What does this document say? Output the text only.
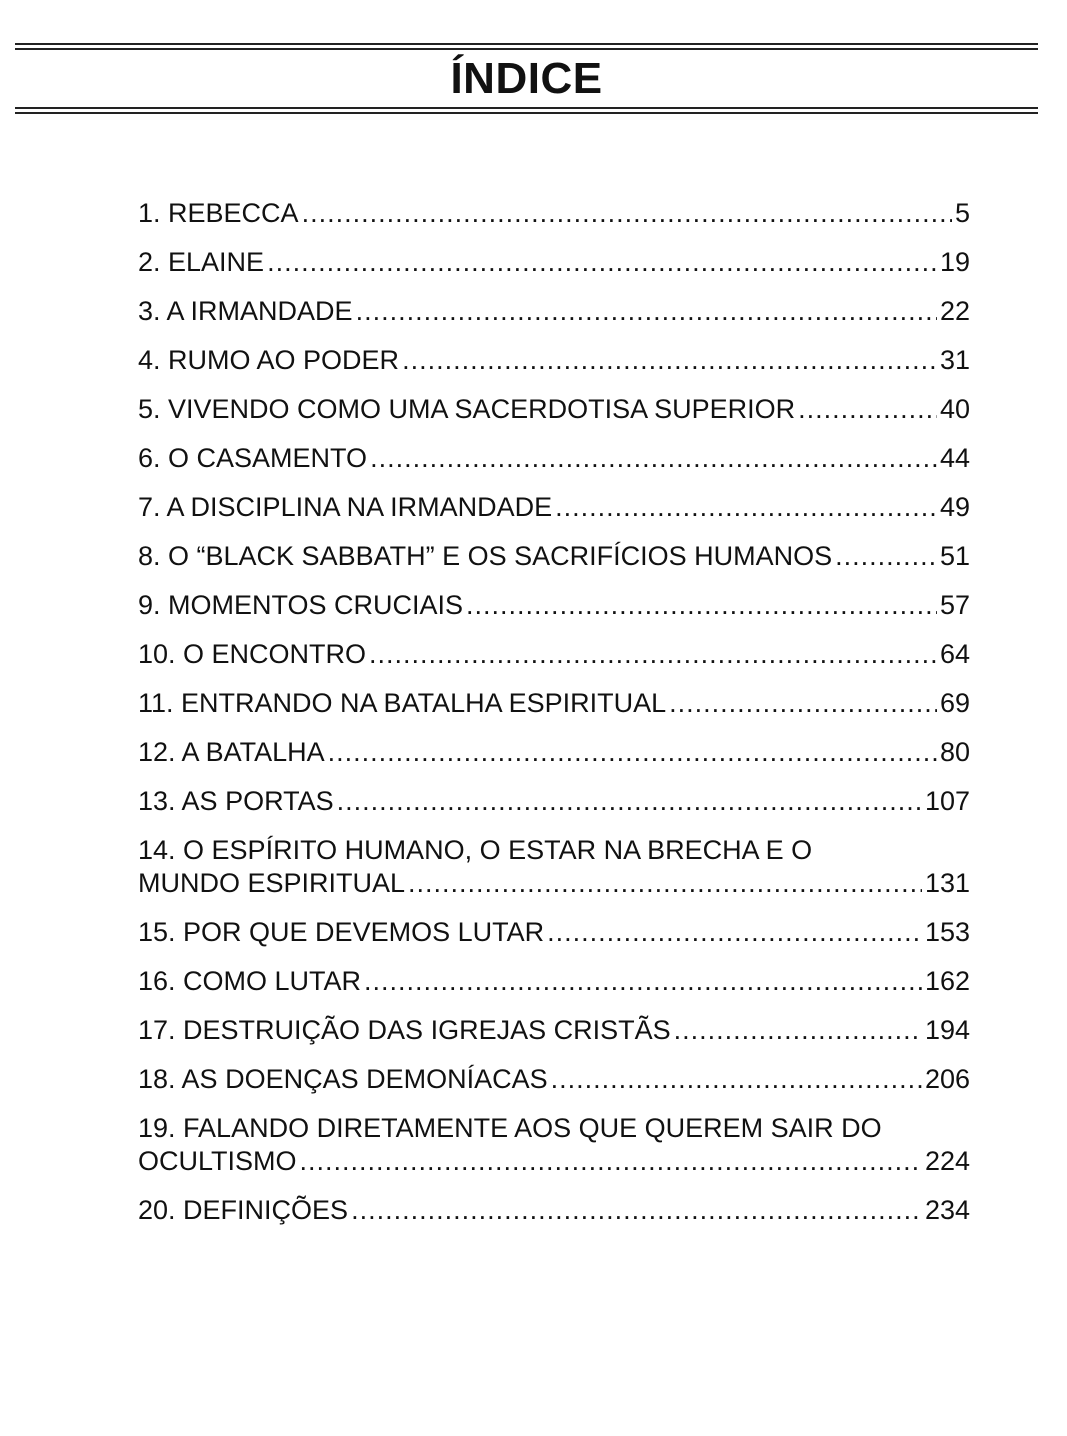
ÍNDICE
1. REBECCA .....	5
2. ELAINE .....	19
3. A IRMANDADE .....	22
4. RUMO AO PODER .....	31
5. VIVENDO COMO UMA SACERDOTISA SUPERIOR .....	40
6. O CASAMENTO .....	44
7. A DISCIPLINA NA IRMANDADE .....	49
8. O “BLACK SABBATH” E OS SACRIFÍCIOS HUMANOS .....	51
9. MOMENTOS CRUCIAIS .....	57
10. O ENCONTRO .....	64
11. ENTRANDO NA BATALHA ESPIRITUAL .....	69
12. A BATALHA .....	80
13. AS PORTAS .....	107
14. O ESPÍRITO HUMANO, O ESTAR NA BRECHA E O
MUNDO ESPIRITUAL .....	131
15. POR QUE DEVEMOS LUTAR .....	153
16. COMO LUTAR .....	162
17. DESTRUIÇÃO DAS IGREJAS CRISTÃS .....	194
18. AS DOENÇAS DEMONÍACAS .....	206
19. FALANDO DIRETAMENTE AOS QUE QUEREM SAIR DO
OCULTISMO .....	224
20. DEFINIÇÕES .....	234
